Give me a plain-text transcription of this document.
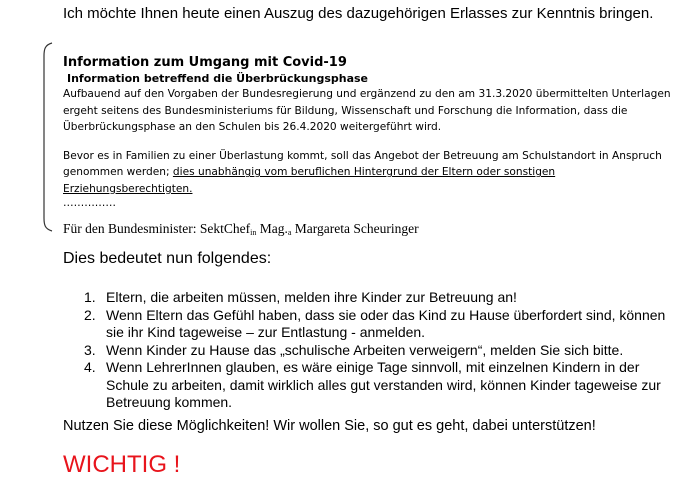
Ich möchte Ihnen heute einen Auszug des dazugehörigen Erlasses zur Kenntnis bringen.
Information zum Umgang mit Covid-19
Information betreffend die Überbrückungsphase

Aufbauend auf den Vorgaben der Bundesregierung und ergänzend zu den am 31.3.2020 übermittelten Unterlagen ergeht seitens des Bundesministeriums für Bildung, Wissenschaft und Forschung die Information, dass die Überbrückungsphase an den Schulen bis 26.4.2020 weitergeführt wird.

Bevor es in Familien zu einer Überlastung kommt, soll das Angebot der Betreuung am Schulstandort in Anspruch genommen werden; dies unabhängig vom beruflichen Hintergrund der Eltern oder sonstigen Erziehungsberechtigten.

……………
Für den Bundesminister: SektChef$_{in}$ $Mag._a$ Margareta Scheuringer
Dies bedeutet nun folgendes:
1. Eltern, die arbeiten müssen, melden ihre Kinder zur Betreuung an!
2. Wenn Eltern das Gefühl haben, dass sie oder das Kind zu Hause überfordert sind, können sie ihr Kind tageweise – zur Entlastung - anmelden.
3. Wenn Kinder zu Hause das „schulische Arbeiten verweigern“, melden Sie sich bitte.
4. Wenn LehrerInnen glauben, es wäre einige Tage sinnvoll, mit einzelnen Kindern in der Schule zu arbeiten, damit wirklich alles gut verstanden wird, können Kinder tageweise zur Betreuung kommen.
Nutzen Sie diese Möglichkeiten! Wir wollen Sie, so gut es geht, dabei unterstützen!
WICHTIG !
